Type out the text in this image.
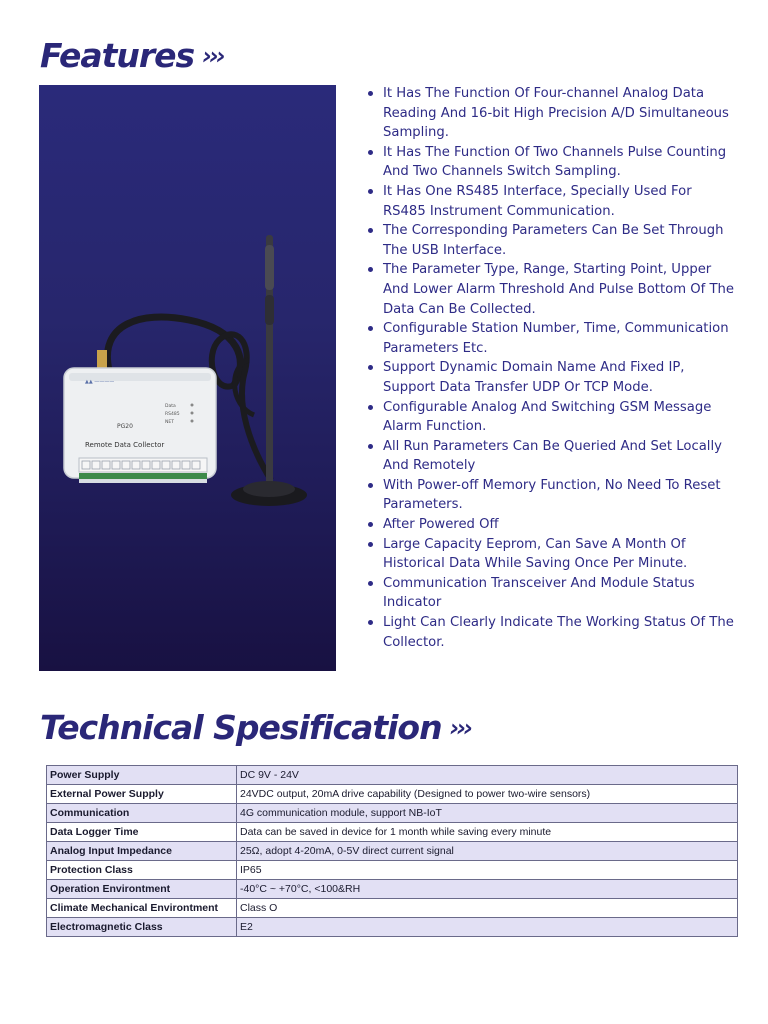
Features ›››
▲▲ ————
Data
RS485
NET
PG20
Remote Data Collector
It Has The Function Of Four-channel Analog Data Reading And 16-bit High Precision A/D Simultaneous Sampling.
It Has The Function Of Two Channels Pulse Counting And Two Channels Switch Sampling.
It Has One RS485 Interface, Specially Used For RS485 Instrument Communication.
The Corresponding Parameters Can Be Set Through The USB Interface.
The Parameter Type, Range, Starting Point, Upper And Lower Alarm Threshold And Pulse Bottom Of The Data Can Be Collected.
Configurable Station Number, Time, Communication Parameters Etc.
Support Dynamic Domain Name And Fixed IP, Support Data Transfer UDP Or TCP Mode.
Configurable Analog And Switching GSM Message Alarm Function.
All Run Parameters Can Be Queried And Set Locally And Remotely
With Power-off Memory Function, No Need To Reset Parameters.
After Powered Off
Large Capacity Eeprom, Can Save A Month Of Historical Data While Saving Once Per Minute.
Communication Transceiver And Module Status Indicator
Light Can Clearly Indicate The Working Status Of The Collector.
Technical Spesification ›››
Power Supply	DC 9V - 24V
External Power Supply	24VDC output, 20mA drive capability (Designed to power two-wire sensors)
Communication	4G communication module, support NB-IoT
Data Logger Time	Data can be saved in device for 1 month while saving every minute
Analog Input Impedance	25Ω, adopt 4-20mA, 0-5V direct current signal
Protection Class	IP65
Operation Environtment	-40°C ~ +70°C, <100&RH
Climate Mechanical Environtment	Class O
Electromagnetic Class	E2
